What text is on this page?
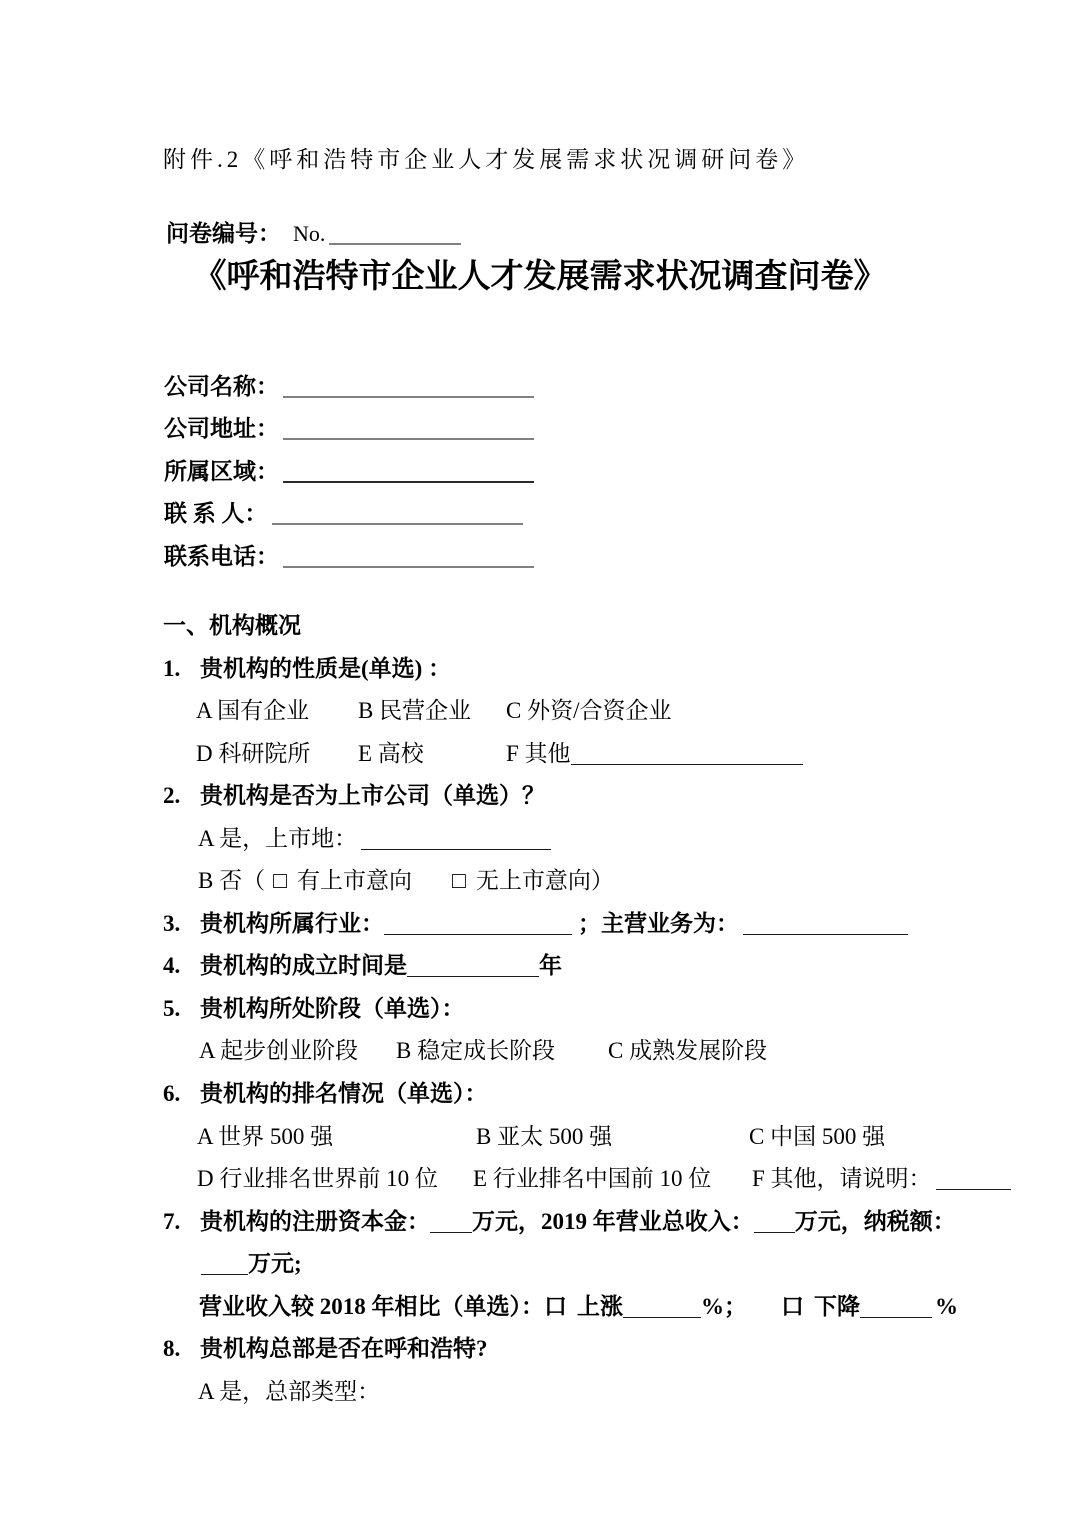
附件.2《呼和浩特市企业人才发展需求状况调研问卷》
问卷编号： No.
《呼和浩特市企业人才发展需求状况调查问卷》
公司名称：
公司地址：
所属区域：
联 系 人：
联系电话：
一、机构概况
1. 贵机构的性质是(单选) ：
A 国有企业	B 民营企业	C 外资/合资企业
D 科研院所	E 高校	F 其他
2. 贵机构是否为上市公司（单选）？
A 是，上市地：
B 否（ □ 有上市意向 □ 无上市意向）
3. 贵机构所属行业：	；主营业务为：
4. 贵机构的成立时间是	年
5. 贵机构所处阶段（单选）：
A 起步创业阶段	B 稳定成长阶段	C 成熟发展阶段
6. 贵机构的排名情况（单选）：
A 世界 500 强	B 亚太 500 强	C 中国 500 强
D 行业排名世界前 10 位	E 行业排名中国前 10 位	F 其他，请说明：
7. 贵机构的注册资本金： 万元，2019 年营业总收入： 万元，纳税额：
万元;
营业收入较 2018 年相比（单选）： 口 上涨	%； 口 下降	%
8. 贵机构总部是否在呼和浩特?
A 是，总部类型：
